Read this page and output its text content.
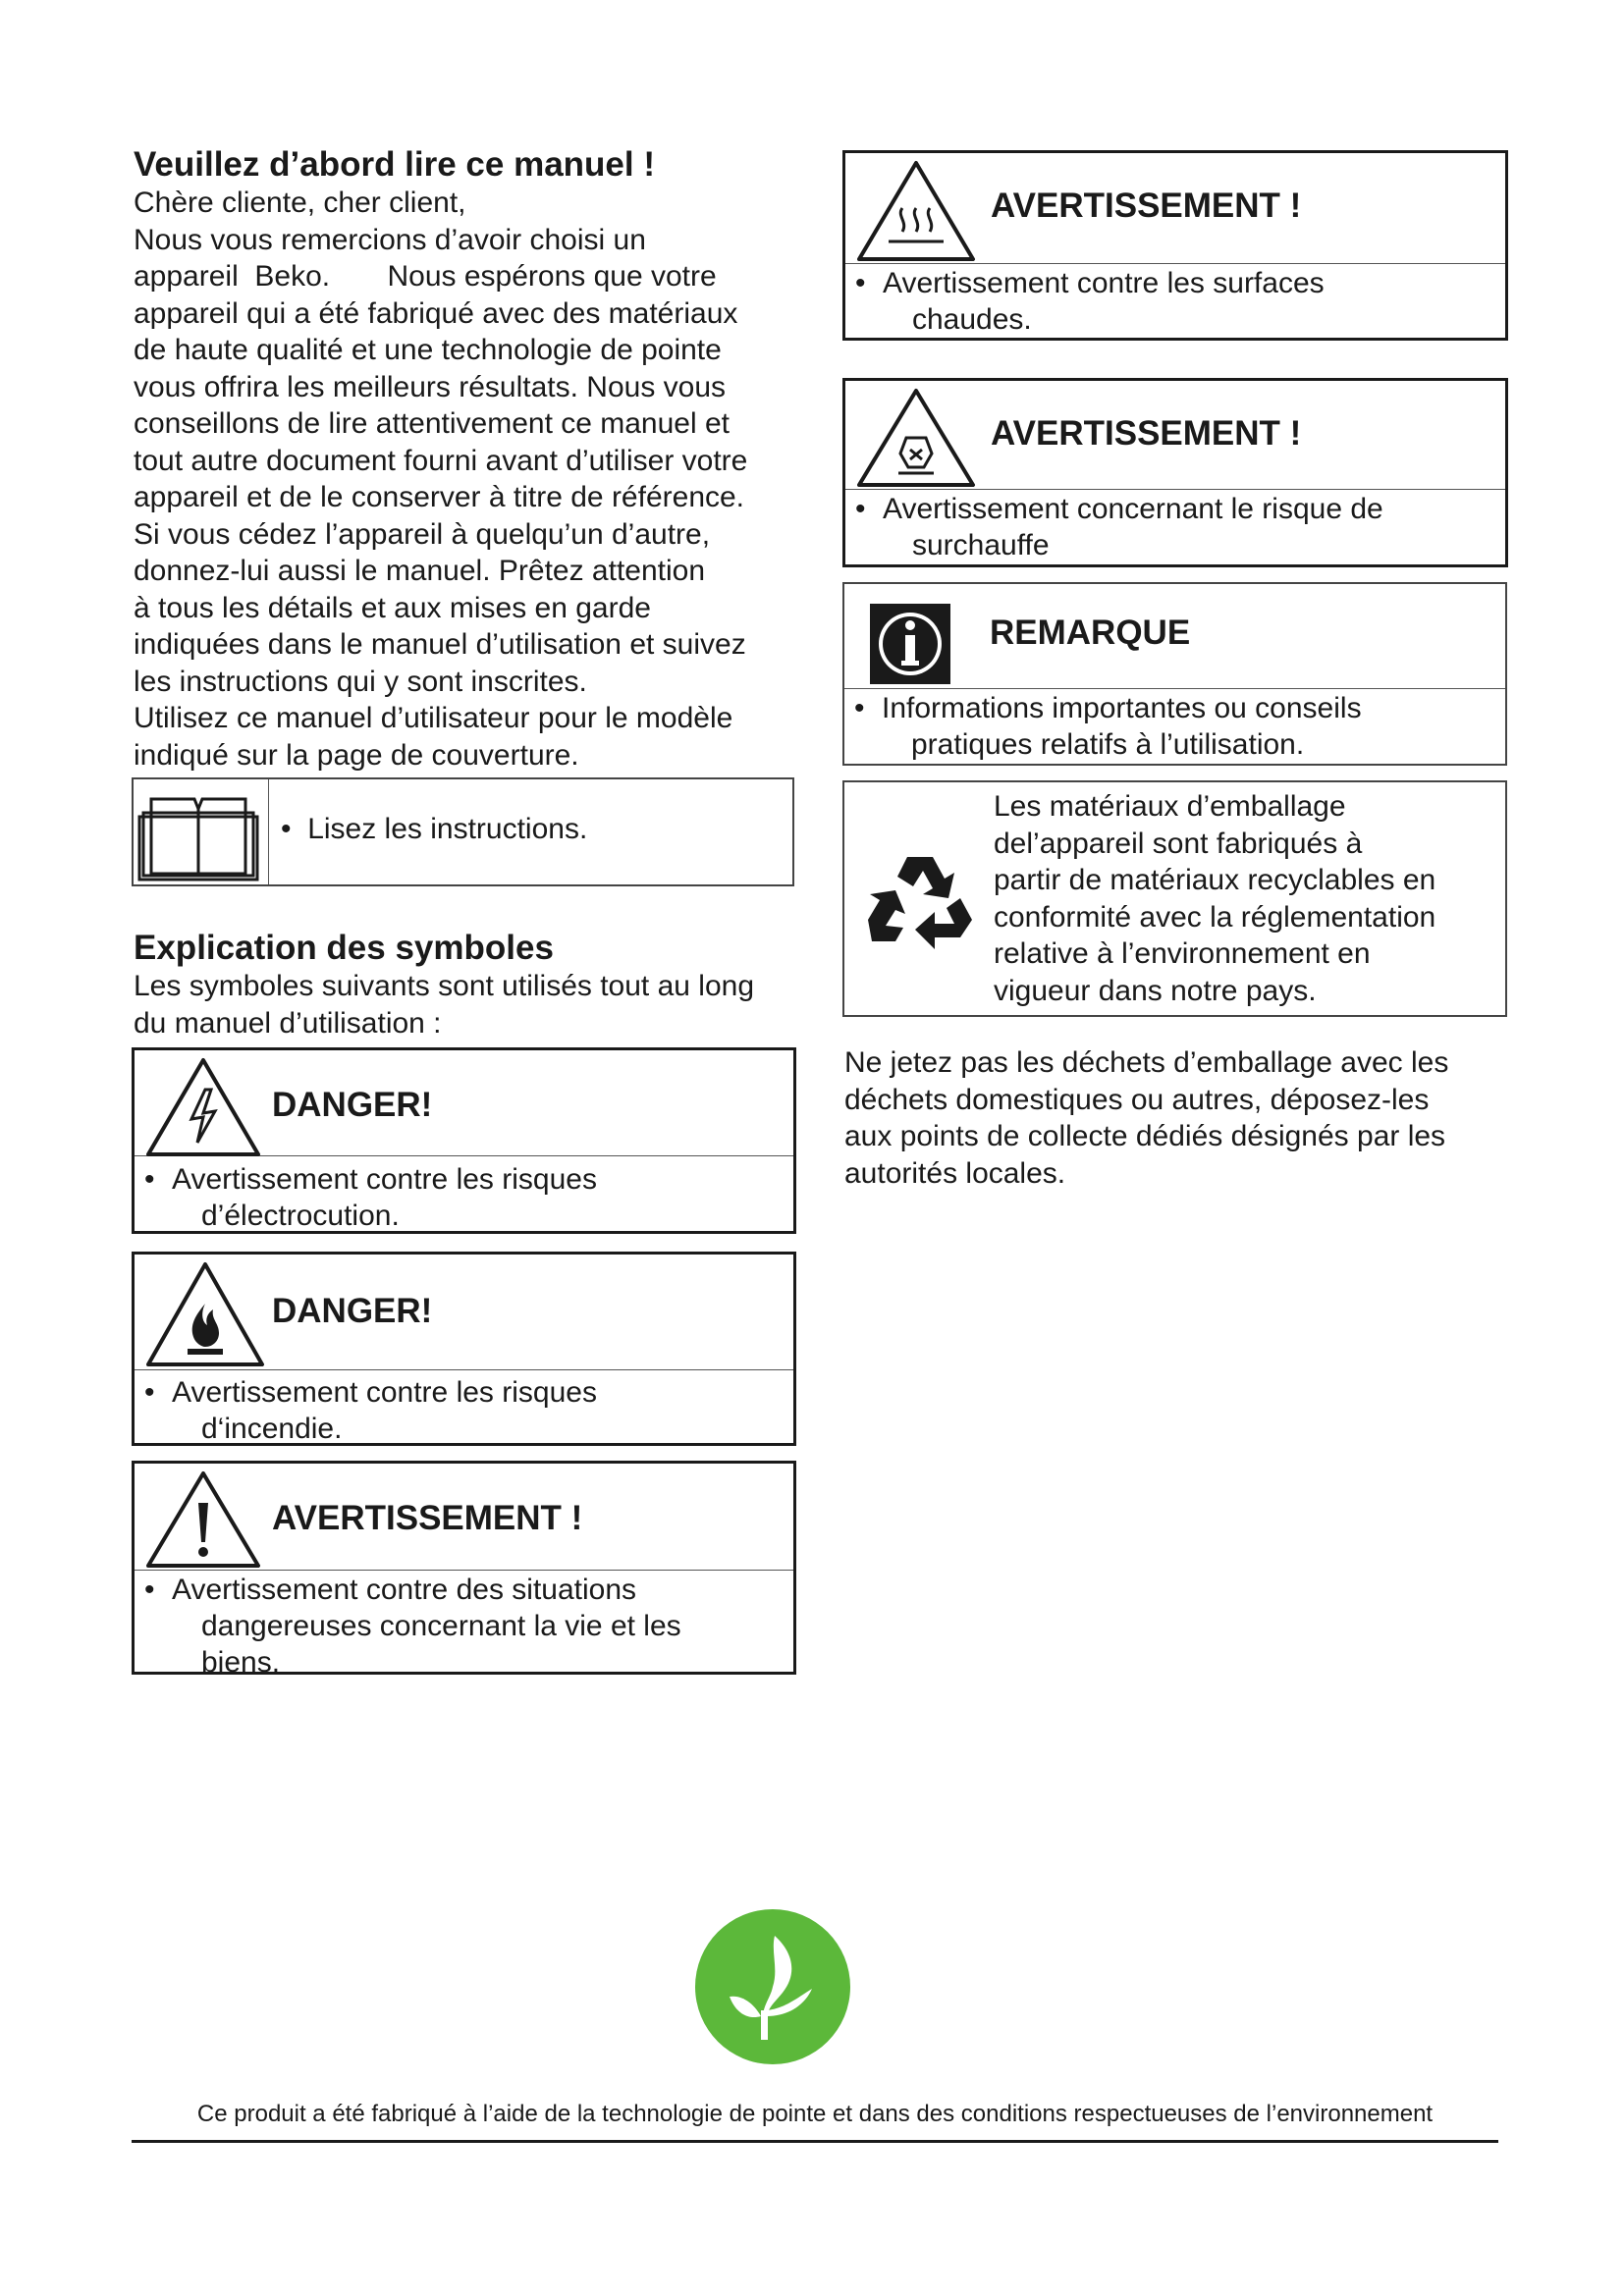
Veuillez d’abord lire ce manuel !
Chère cliente, cher client,
Nous vous remercions d’avoir choisi un
appareil  Beko.       Nous espérons que votre
appareil qui a été fabriqué avec des matériaux
de haute qualité et une technologie de pointe
vous offrira les meilleurs résultats. Nous vous
conseillons de lire attentivement ce manuel et
tout autre document fourni avant d’utiliser votre
appareil et de le conserver à titre de référence.
Si vous cédez l’appareil à quelqu’un d’autre,
donnez-lui aussi le manuel. Prêtez attention
à tous les détails et aux mises en garde
indiquées dans le manuel d’utilisation et suivez
les instructions qui y sont inscrites.
Utilisez ce manuel d’utilisateur pour le modèle
indiqué sur la page de couverture.
•  Lisez les instructions.
Explication des symboles
Les symboles suivants sont utilisés tout au long
du manuel d’utilisation :
DANGER!
• Avertissement contre les risques
d’électrocution.
DANGER!
• Avertissement contre les risques
d‘incendie.
AVERTISSEMENT !
• Avertissement contre des situations
dangereuses concernant la vie et les
biens.
AVERTISSEMENT !
• Avertissement contre les surfaces
chaudes.
AVERTISSEMENT !
• Avertissement concernant le risque de
surchauffe
REMARQUE
• Informations importantes ou conseils
pratiques relatifs à l’utilisation.
Les matériaux d’emballage
del’appareil sont fabriqués à
partir de matériaux recyclables en
conformité avec la réglementation
relative à l’environnement en
vigueur dans notre pays.
Ne jetez pas les déchets d’emballage avec les
déchets domestiques ou autres, déposez-les
aux points de collecte dédiés désignés par les
autorités locales.
Ce produit a été fabriqué à l’aide de la technologie de pointe et dans des conditions respectueuses de l’environnement
